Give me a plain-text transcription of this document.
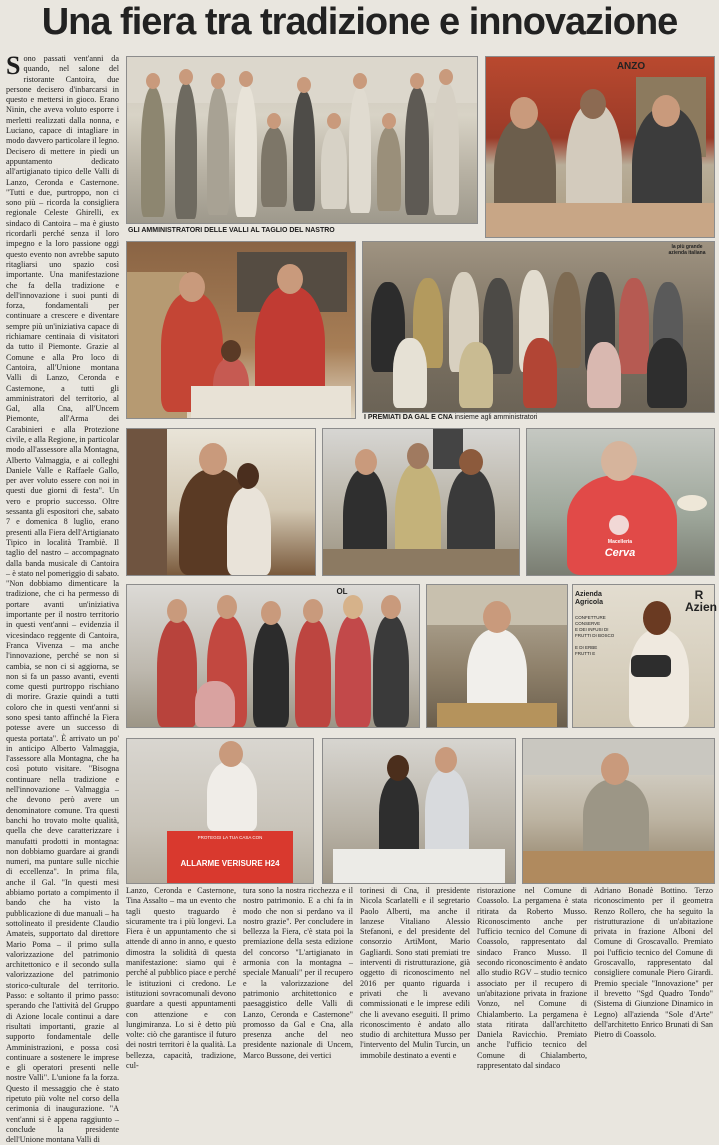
Una fiera tra tradizione e innovazione

Sono passati vent'anni da quando, nel salone del ristorante Cantoira, due persone decisero d'inbarcarsi in questo e mettersi in gioco. Erano Ninin, che aveva voluto esporre i merletti realizzati dalla nonna, e Luciano, capace di intagliare in modo davvero particolare il legno. Decisero di mettere in piedi un appuntamento dedicato all'artigianato tipico delle Valli di Lanzo, Ceronda e Casternone. "Tutti e due, purtroppo, non ci sono più – ricorda la consigliera regionale Celeste Ghirelli, ex sindaco di Cantoira – ma è giusto ricordarli perché senza il loro impegno e la loro passione oggi questo evento non avrebbe saputo ritagliarsi uno spazio così importante. Una manifestazione che fa della tradizione e dell'innovazione i suoi punti di forza, fondamentali per continuare a crescere e diventare sempre più un'iniziativa capace di richiamare centinaia di visitatori da tutto il Piemonte. Grazie al Comune e alla Pro loco di Cantoira, all'Unione montana Valli di Lanzo, Ceronda e Casternone, a tutti gli amministratori del territorio, al Gal, alla Cna, all'Uncem Piemonte, all'Arma dei Carabinieri e alla Protezione civile, e alla Regione, in particolar modo all'assessore alla Montagna, Alberto Valmaggia, e ai colleghi Daniele Valle e Raffaele Gallo, per aver voluto essere con noi in questi due giorni di festa". Un vero e proprio successo. Oltre sessanta gli espositori che, sabato 7 e domenica 8 luglio, erano presenti alla Fiera dell'Artigianato Tipico in località Trambiè. Il taglio del nastro – accompagnato dalla banda musicale di Cantoira – è stato nel pomeriggio di sabato. "Non dobbiamo dimenticare la tradizione, che ci ha permesso di portare avanti un'iniziativa importante per il nostro territorio in questi vent'anni – evidenzia il vicesindaco reggente di Cantoira, Franca Vivenza – ma anche l'innovazione, perché se non si cambia, se non ci si aggiorna, se non si fa un passo avanti, eventi come questi purtroppo rischiano di morire. Grazie quindi a tutti coloro che in questi vent'anni si sono spesi tanto affinché la Fiera potesse avere un successo di questa portata". È arrivato un po' in anticipo Alberto Valmaggia, l'assessore alla Montagna, che ha così potuto visitare. "Bisogna continuare nella tradizione e nell'innovazione – Valmaggia – che devono però avere un denominatore comune. Tra questi banchi ho trovato molte qualità, quella che deve caratterizzare i manufatti prodotti in montagna: non dobbiamo guardare ai grandi numeri, ma puntare sulle nicchie di eccellenza". In prima fila, anche il Gal. "In questi mesi abbiamo portato a compimento il bando che ha visto la pubblicazione di due manuali – ha sottolineato il presidente Claudio Amateis, supportato dal direttore Mario Poma – il primo sulla valorizzazione del patrimonio architettonico e il secondo sulla valorizzazione del patrimonio storico-culturale del territorio. Passo: e soltanto il primo passo: sperando che l'attività del Gruppo di Azione locale continui a dare risultati importanti, grazie al supporto fondamentale delle Amministrazioni, e possa così continuare a sostenere le imprese e gli operatori presenti nelle nostre Valli". L'unione fa la forza. Questo il messaggio che è stato ripetuto più volte nel corso della cerimonia di inaugurazione. "A vent'anni si è appena raggiunto – conclude la presidente dell'Unione montana Valli di

GLI AMMINISTRATORI DELLE VALLI AL TAGLIO DEL NASTRO
ANZO
la più grande
azienda italiana
I PREMIATI DA GAL E CNA insieme agli amministratori
Macelleria
Cerva
OL	Azienda
Agricola
CONFETTURE
CONSERVE
E DEI INFUSI DI
FRUTTI DI BOSCO

E DI ERBE
FRUTTI E
R
Azien
PROTEGGI LA TUA CASA CON
ALLARME VERISURE H24

Lanzo, Ceronda e Casternone, Tina Assalto – ma un evento che tagli questo traguardo è sicuramente tra i più longevi. La Fiera è un appuntamento che si attende di anno in anno, e questo dimostra la solidità di questa manifestazione: siamo qui è perché al pubblico piace e perché le istituzioni ci credono. Le istituzioni sovracomunali devono guardare a questi appuntamenti con attenzione e con lungimiranza. Lo si è detto più volte: ciò che garantisce il futuro dei nostri territori è la qualità. La bellezza, capacità, tradizione, cul-

tura sono la nostra ricchezza e il nostro patrimonio. E a chi fa in modo che non si perdano va il nostro grazie". Per concludere in bellezza la Fiera, c'è stata poi la premiazione della sesta edizione del concorso "L'artigianato in armonia con la montagna – speciale Manuali" per il recupero e la valorizzazione del patrimonio architettonico e paesaggistico delle Valli di Lanzo, Ceronda e Casternone" promosso da Gal e Cna, alla presenza anche del neo presidente nazionale di Uncem, Marco Bussone, dei vertici

torinesi di Cna, il presidente Nicola Scarlatelli e il segretario Paolo Alberti, ma anche il lanzese Vitaliano Alessio Stefanoni, e del presidente del consorzio ArtiMont, Mario Gagliardi. Sono stati premiati tre interventi di ristrutturazione, già oggetto di riconoscimento nel 2016 per quanto riguarda i privati che li avevano commissionati e le imprese edili che li avevano eseguiti. Il primo riconoscimento è andato allo studio di architettura Musso per l'intervento del Mulin Turcin, un immobile destinato a eventi e

ristorazione nel Comune di Coassolo. La pergamena è stata ritirata da Roberto Musso. Riconoscimento anche per l'ufficio tecnico del Comune di Coassolo, rappresentato dal sindaco Franco Musso. Il secondo riconoscimento è andato allo studio RGV – studio tecnico associato per il recupero di un'abitazione privata in frazione Vonzo, nel Comune di Chialamberto. La pergamena è stata ritirata dall'architetto Daniela Ravicchio. Premiato anche l'ufficio tecnico del Comune di Chialamberto, rappresentato dal sindaco

Adriano Bonadè Bottino. Terzo riconoscimento per il geometra Renzo Rollero, che ha seguito la ristrutturazione di un'abitazione privata in frazione Alboni del Comune di Groscavallo. Premiato poi l'ufficio tecnico del Comune di Groscavallo, rappresentato dal consigliere comunale Piero Girardi. Premio speciale "Innovazione" per il brevetto "Sgd Quadro Tondo" (Sistema di Giunzione Dinamico in Legno) all'azienda "Sole d'Arte" dell'architetto Enrico Brunati di San Pietro di Coassolo.
